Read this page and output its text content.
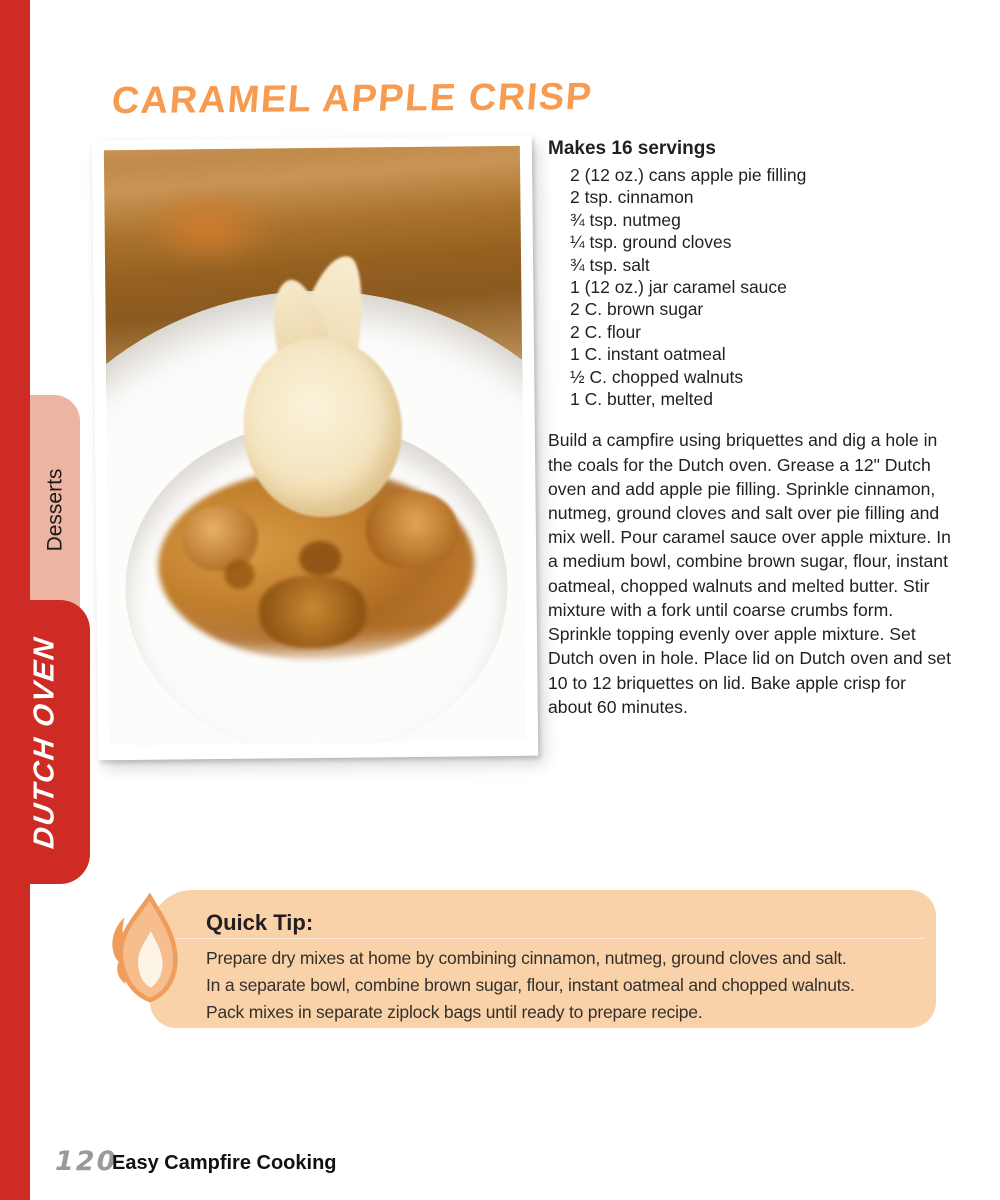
Desserts
DUTCH OVEN
CARAMEL APPLE CRISP
Makes 16 servings
2 (12 oz.) cans apple pie filling
2 tsp. cinnamon
¾ tsp. nutmeg
¼ tsp. ground cloves
¾ tsp. salt
1 (12 oz.) jar caramel sauce
2 C. brown sugar
2 C. flour
1 C. instant oatmeal
½ C. chopped walnuts
1 C. butter, melted
Build a campfire using briquettes and dig a hole in the coals for the Dutch oven. Grease a 12" Dutch oven and add apple pie filling. Sprinkle cinnamon, nutmeg, ground cloves and salt over pie filling and mix well. Pour caramel sauce over apple mixture. In a medium bowl, combine brown sugar, flour, instant oatmeal, chopped walnuts and melted butter. Stir mixture with a fork until coarse crumbs form. Sprinkle topping evenly over apple mixture. Set Dutch oven in hole. Place lid on Dutch oven and set 10 to 12 briquettes on lid. Bake apple crisp for about 60 minutes.
Quick Tip:
Prepare dry mixes at home by combining cinnamon, nutmeg, ground cloves and salt.
In a separate bowl, combine brown sugar, flour, instant oatmeal and chopped walnuts.
Pack mixes in separate ziplock bags until ready to prepare recipe.
120
Easy Campfire Cooking
